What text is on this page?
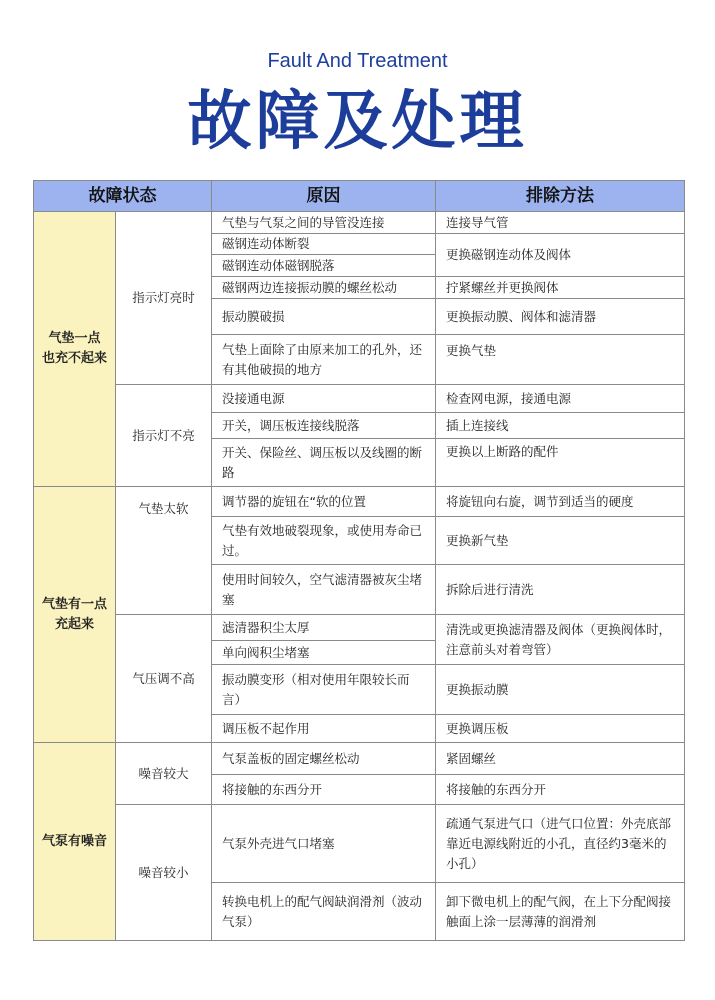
Fault And Treatment
故障及处理
故障状态		原因	排除方法
气垫一点
也充不起来	指示灯亮时	气垫与气泵之间的导管没连接	连接导气管
		磁钢连动体断裂	更换磁钢连动体及阀体
		磁钢连动体磁钢脱落	
		磁钢两边连接振动膜的螺丝松动	拧紧螺丝并更换阀体
		振动膜破损	更换振动膜、阀体和滤清器
		气垫上面除了由原来加工的孔外，还有其他破损的地方	更换气垫
	指示灯不亮	没接通电源	检查网电源，接通电源
		开关，调压板连接线脱落	插上连接线
		开关、保险丝、调压板以及线圈的断路	更换以上断路的配件
气垫有一点
充起来	气垫太软	调节器的旋钮在“软的位置	将旋钮向右旋，调节到适当的硬度
		气垫有效地破裂现象，或使用寿命已过。	更换新气垫
		使用时间较久，空气滤清器被灰尘堵塞	拆除后进行清洗
	气压调不高	滤清器积尘太厚	清洗或更换滤清器及阀体（更换阀体时，注意前头对着弯管）
		单向阀积尘堵塞	
		振动膜变形（相对使用年限较长而言）	更换振动膜
		调压板不起作用	更换调压板
气泵有噪音	噪音较大	气泵盖板的固定螺丝松动	紧固螺丝
		将接触的东西分开	将接触的东西分开
	噪音较小	气泵外壳进气口堵塞	疏通气泵进气口（进气口位置：外壳底部靠近电源线附近的小孔，直径约3毫米的小孔）
		转换电机上的配气阀缺润滑剂（波动气泵）	卸下微电机上的配气阀，在上下分配阀接触面上涂一层薄薄的润滑剂
